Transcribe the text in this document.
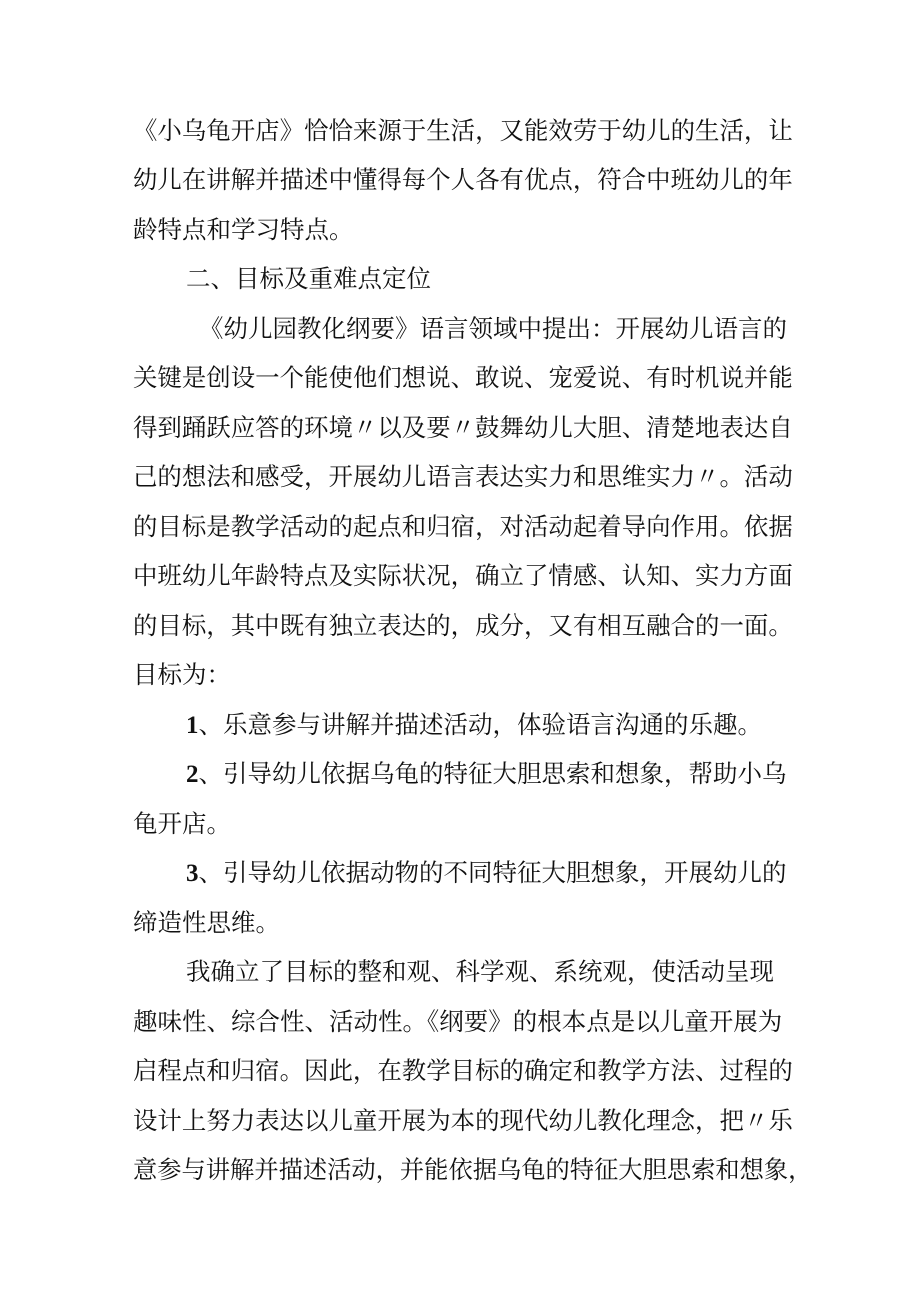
《小乌龟开店》恰恰来源于生活，又能效劳于幼儿的生活，让
幼儿在讲解并描述中懂得每个人各有优点，符合中班幼儿的年
龄特点和学习特点。
二、目标及重难点定位
《幼儿园教化纲要》语言领域中提出：开展幼儿语言的
关键是创设一个能使他们想说、敢说、宠爱说、有时机说并能
得到踊跃应答的环境〃以及要〃鼓舞幼儿大胆、清楚地表达自
己的想法和感受，开展幼儿语言表达实力和思维实力〃。活动
的目标是教学活动的起点和归宿，对活动起着导向作用。依据
中班幼儿年龄特点及实际状况，确立了情感、认知、实力方面
的目标，其中既有独立表达的，成分，又有相互融合的一面。
目标为：
1、乐意参与讲解并描述活动，体验语言沟通的乐趣。
2、引导幼儿依据乌龟的特征大胆思索和想象，帮助小乌
龟开店。
3、引导幼儿依据动物的不同特征大胆想象，开展幼儿的
缔造性思维。
我确立了目标的整和观、科学观、系统观，使活动呈现
趣味性、综合性、活动性。《纲要》的根本点是以儿童开展为
启程点和归宿。因此，在教学目标的确定和教学方法、过程的
设计上努力表达以儿童开展为本的现代幼儿教化理念，把〃乐
意参与讲解并描述活动，并能依据乌龟的特征大胆思索和想象，
